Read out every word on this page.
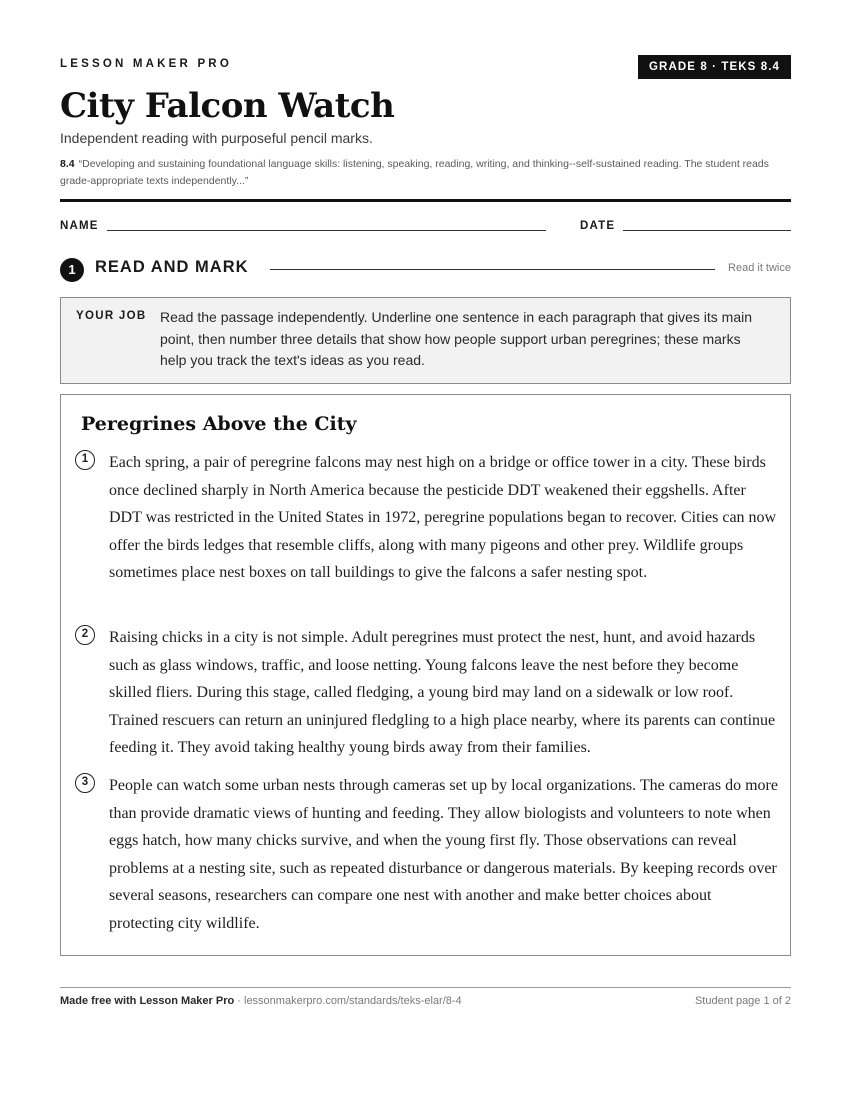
LESSON MAKER PRO	GRADE 8 · TEKS 8.4
City Falcon Watch
Independent reading with purposeful pencil marks.
8.4 “Developing and sustaining foundational language skills: listening, speaking, reading, writing, and thinking--self-sustained reading. The student reads grade-appropriate texts independently...”
NAME	DATE
1	READ AND MARK	Read it twice
YOUR JOB Read the passage independently. Underline one sentence in each paragraph that gives its main point, then number three details that show how people support urban peregrines; these marks help you track the text's ideas as you read.
Peregrines Above the City
1	Each spring, a pair of peregrine falcons may nest high on a bridge or office tower in a city. These birds once declined sharply in North America because the pesticide DDT weakened their eggshells. After DDT was restricted in the United States in 1972, peregrine populations began to recover. Cities can now offer the birds ledges that resemble cliffs, along with many pigeons and other prey. Wildlife groups sometimes place nest boxes on tall buildings to give the falcons a safer nesting spot.

2	Raising chicks in a city is not simple. Adult peregrines must protect the nest, hunt, and avoid hazards such as glass windows, traffic, and loose netting. Young falcons leave the nest before they become skilled fliers. During this stage, called fledging, a young bird may land on a sidewalk or low roof. Trained rescuers can return an uninjured fledgling to a high place nearby, where its parents can continue feeding it. They avoid taking healthy young birds away from their families.

3	People can watch some urban nests through cameras set up by local organizations. The cameras do more than provide dramatic views of hunting and feeding. They allow biologists and volunteers to note when eggs hatch, how many chicks survive, and when the young first fly. Those observations can reveal problems at a nesting site, such as repeated disturbance or dangerous materials. By keeping records over several seasons, researchers can compare one nest with another and make better choices about protecting city wildlife.

Made free with Lesson Maker Pro · lessonmakerpro.com/standards/teks-elar/8-4	Student page 1 of 2
